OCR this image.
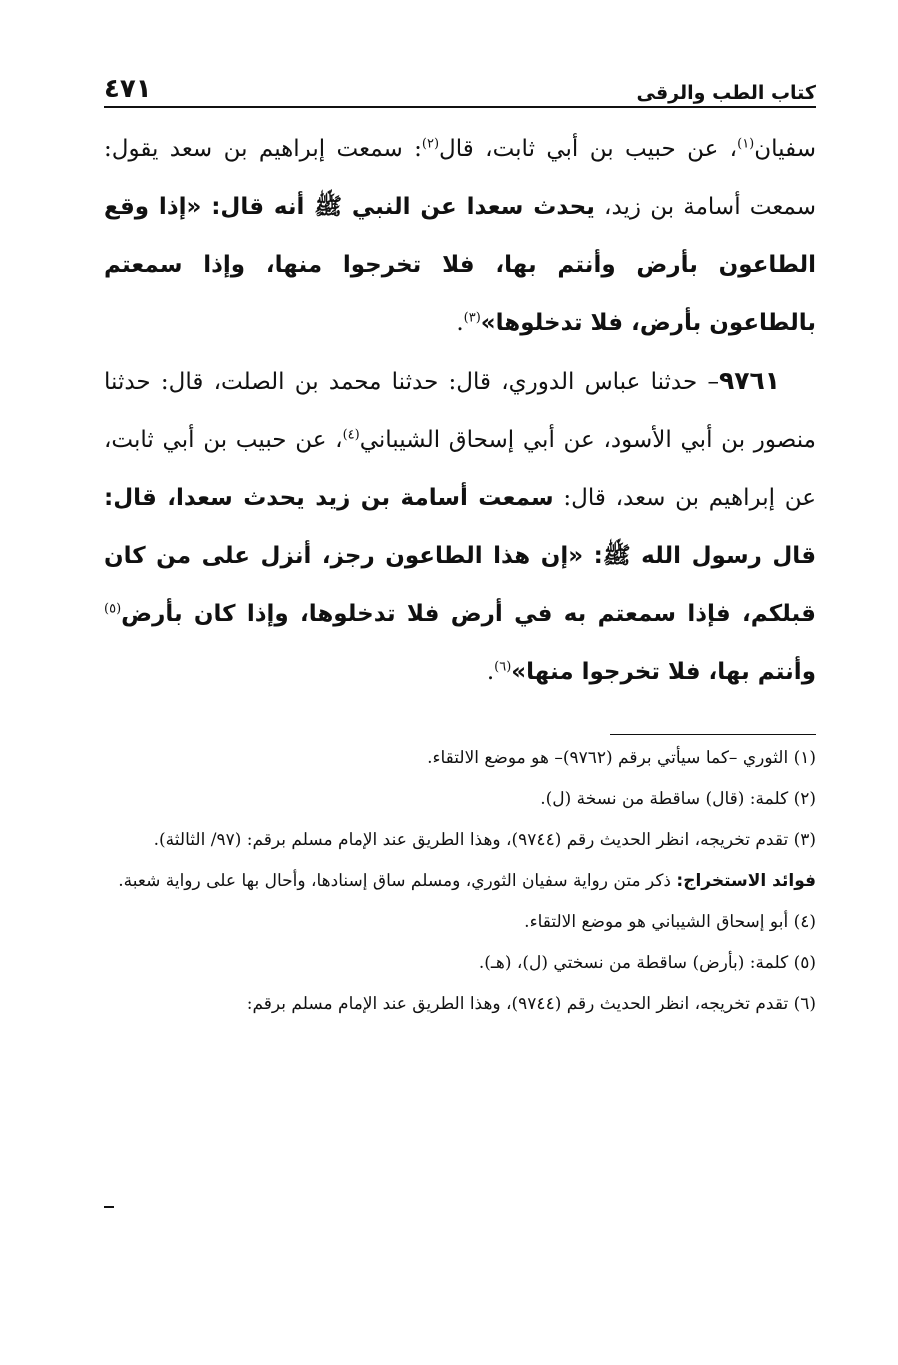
كتاب الطب والرقى
٤٧١

سفيان$^{(١)}$، عن حبيب بن أبي ثابت، قال$^{(٢)}$: سمعت إبراهيم بن سعد يقول: سمعت أسامة بن زيد، يحدث سعدا عن النبي ﷺ أنه قال: «إذا وقع الطاعون بأرض وأنتم بها، فلا تخرجوا منها، وإذا سمعتم بالطاعون بأرض، فلا تدخلوها»$^{(٣)}$.

٩٧٦١– حدثنا عباس الدوري، قال: حدثنا محمد بن الصلت، قال: حدثنا منصور بن أبي الأسود، عن أبي إسحاق الشيباني$^{(٤)}$، عن حبيب بن أبي ثابت، عن إبراهيم بن سعد، قال: سمعت أسامة بن زيد يحدث سعدا، قال: قال رسول الله ﷺ: «إن هذا الطاعون رجز، أنزل على من كان قبلكم، فإذا سمعتم به في أرض فلا تدخلوها، وإذا كان بأرض$^{(٥)}$ وأنتم بها، فلا تخرجوا منها»$^{(٦)}$.

(١) الثوري –كما سيأتي برقم (٩٧٦٢)– هو موضع الالتقاء.

(٢) كلمة: (قال) ساقطة من نسخة (ل).

(٣) تقدم تخريجه، انظر الحديث رقم (٩٧٤٤)، وهذا الطريق عند الإمام مسلم برقم: (٩٧/ الثالثة).

فوائد الاستخراج: ذكر متن رواية سفيان الثوري، ومسلم ساق إسنادها، وأحال بها على رواية شعبة.

(٤) أبو إسحاق الشيباني هو موضع الالتقاء.

(٥) كلمة: (بأرض) ساقطة من نسختي (ل)، (هـ).

(٦) تقدم تخريجه، انظر الحديث رقم (٩٧٤٤)، وهذا الطريق عند الإمام مسلم برقم:
